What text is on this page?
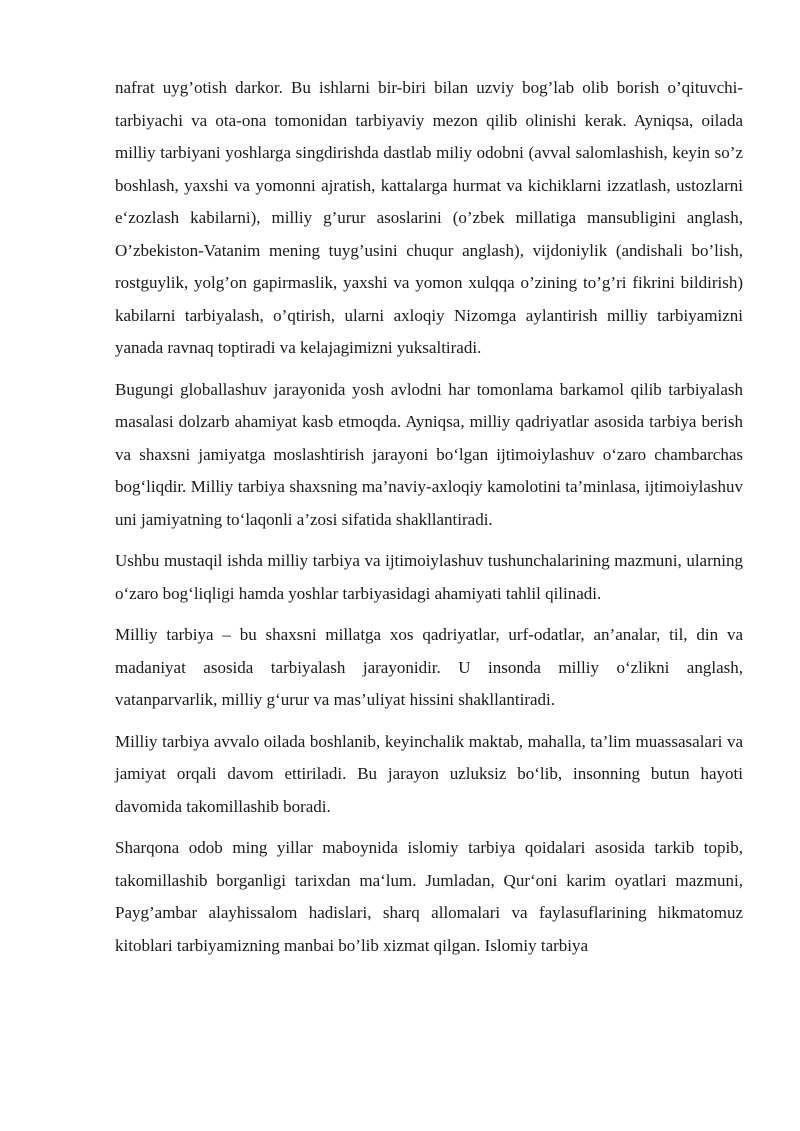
nafrat uyg’otish darkor. Bu ishlarni bir-biri bilan uzviy bog’lab olib borish o’qituvchi-tarbiyachi va ota-ona tomonidan tarbiyaviy mezon qilib olinishi kerak. Ayniqsa, oilada milliy tarbiyani yoshlarga singdirishda dastlab miliy odobni (avval salomlashish, keyin so’z boshlash, yaxshi va yomonni ajratish, kattalarga hurmat va kichiklarni izzatlash, ustozlarni e‘zozlash kabilarni), milliy g’urur asoslarini (o’zbek millatiga mansubligini anglash, O’zbekiston-Vatanim mening tuyg’usini chuqur anglash), vijdoniylik (andishali bo’lish, rostguylik, yolg’on gapirmaslik, yaxshi va yomon xulqqa o’zining to’g’ri fikrini bildirish) kabilarni tarbiyalash, o’qtirish, ularni axloqiy Nizomga aylantirish milliy tarbiyamizni yanada ravnaq toptiradi va kelajagimizni yuksaltiradi.

Bugungi globallashuv jarayonida yosh avlodni har tomonlama barkamol qilib tarbiyalash masalasi dolzarb ahamiyat kasb etmoqda. Ayniqsa, milliy qadriyatlar asosida tarbiya berish va shaxsni jamiyatga moslashtirish jarayoni bo‘lgan ijtimoiylashuv o‘zaro chambarchas bog‘liqdir. Milliy tarbiya shaxsning ma’naviy-axloqiy kamolotini ta’minlasa, ijtimoiylashuv uni jamiyatning to‘laqonli a’zosi sifatida shakllantiradi.

Ushbu mustaqil ishda milliy tarbiya va ijtimoiylashuv tushunchalarining mazmuni, ularning o‘zaro bog‘liqligi hamda yoshlar tarbiyasidagi ahamiyati tahlil qilinadi.

Milliy tarbiya – bu shaxsni millatga xos qadriyatlar, urf-odatlar, an’analar, til, din va madaniyat asosida tarbiyalash jarayonidir. U insonda milliy o‘zlikni anglash, vatanparvarlik, milliy g‘urur va mas’uliyat hissini shakllantiradi.

Milliy tarbiya avvalo oilada boshlanib, keyinchalik maktab, mahalla, ta’lim muassasalari va jamiyat orqali davom ettiriladi. Bu jarayon uzluksiz bo‘lib, insonning butun hayoti davomida takomillashib boradi.

Sharqona odob ming yillar maboynida islomiy tarbiya qoidalari asosida tarkib topib, takomillashib borganligi tarixdan ma‘lum. Jumladan, Qur‘oni karim oyatlari mazmuni, Payg’ambar alayhissalom hadislari, sharq allomalari va faylasuflarining hikmatomuz kitoblari tarbiyamizning manbai bo’lib xizmat qilgan. Islomiy tarbiya
